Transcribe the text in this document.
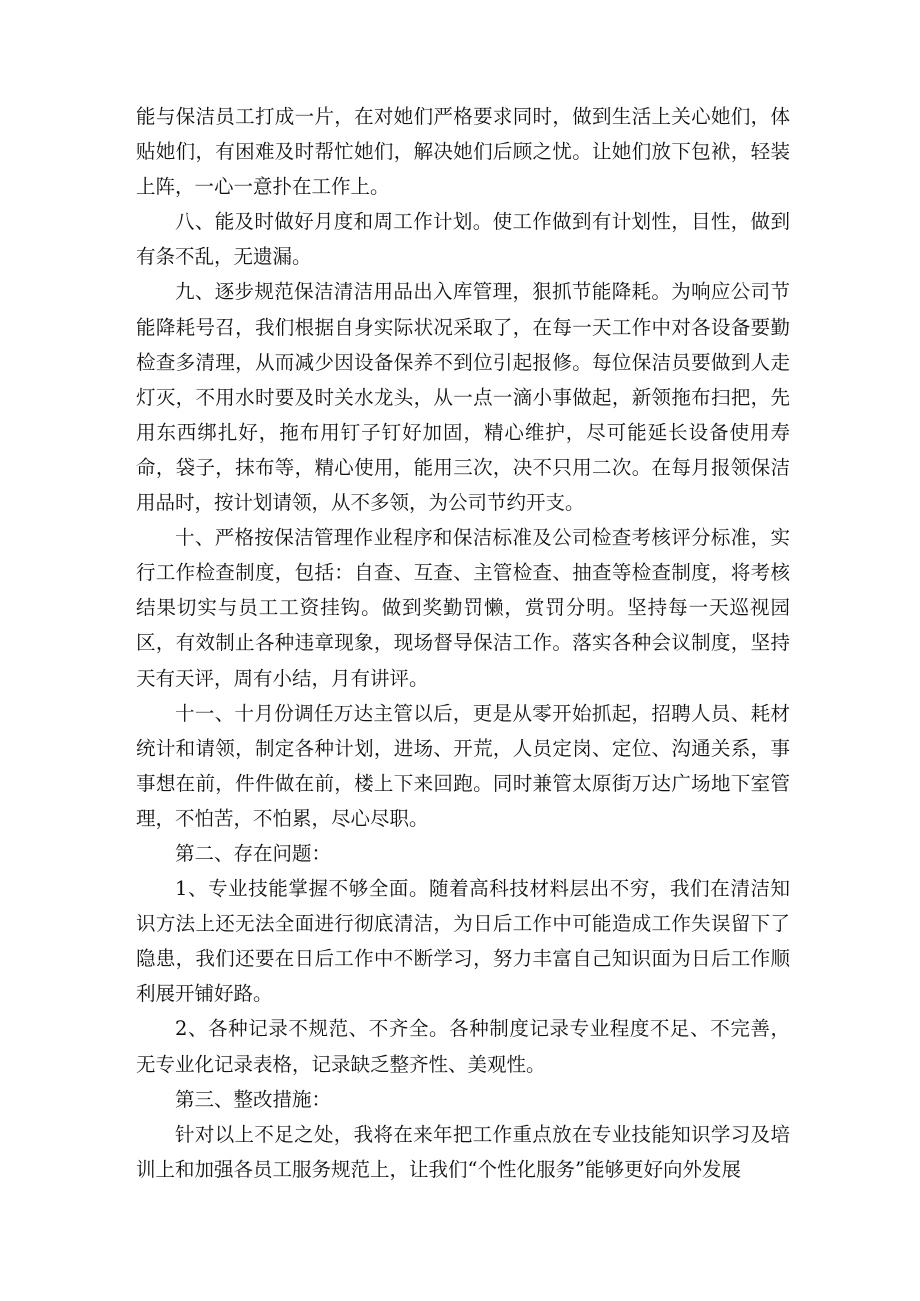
能与保洁员工打成一片，在对她们严格要求同时，做到生活上关心她们，体贴她们，有困难及时帮忙她们，解决她们后顾之忧。让她们放下包袱，轻装上阵，一心一意扑在工作上。

八、能及时做好月度和周工作计划。使工作做到有计划性，目性，做到有条不乱，无遗漏。

九、逐步规范保洁清洁用品出入库管理，狠抓节能降耗。为响应公司节能降耗号召，我们根据自身实际状况采取了，在每一天工作中对各设备要勤检查多清理，从而减少因设备保养不到位引起报修。每位保洁员要做到人走灯灭，不用水时要及时关水龙头，从一点一滴小事做起，新领拖布扫把，先用东西绑扎好，拖布用钉子钉好加固，精心维护，尽可能延长设备使用寿命，袋子，抹布等，精心使用，能用三次，决不只用二次。在每月报领保洁用品时，按计划请领，从不多领，为公司节约开支。

十、严格按保洁管理作业程序和保洁标准及公司检查考核评分标准，实行工作检查制度，包括：自查、互查、主管检查、抽查等检查制度，将考核结果切实与员工工资挂钩。做到奖勤罚懒，赏罚分明。坚持每一天巡视园区，有效制止各种违章现象，现场督导保洁工作。落实各种会议制度，坚持天有天评，周有小结，月有讲评。

十一、十月份调任万达主管以后，更是从零开始抓起，招聘人员、耗材统计和请领，制定各种计划，进场、开荒，人员定岗、定位、沟通关系，事事想在前，件件做在前，楼上下来回跑。同时兼管太原街万达广场地下室管理，不怕苦，不怕累，尽心尽职。

第二、存在问题：

1、专业技能掌握不够全面。随着高科技材料层出不穷，我们在清洁知识方法上还无法全面进行彻底清洁，为日后工作中可能造成工作失误留下了隐患，我们还要在日后工作中不断学习，努力丰富自己知识面为日后工作顺利展开铺好路。

2、各种记录不规范、不齐全。各种制度记录专业程度不足、不完善，无专业化记录表格，记录缺乏整齐性、美观性。

第三、整改措施：

针对以上不足之处，我将在来年把工作重点放在专业技能知识学习及培训上和加强各员工服务规范上，让我们“个性化服务”能够更好向外发展
